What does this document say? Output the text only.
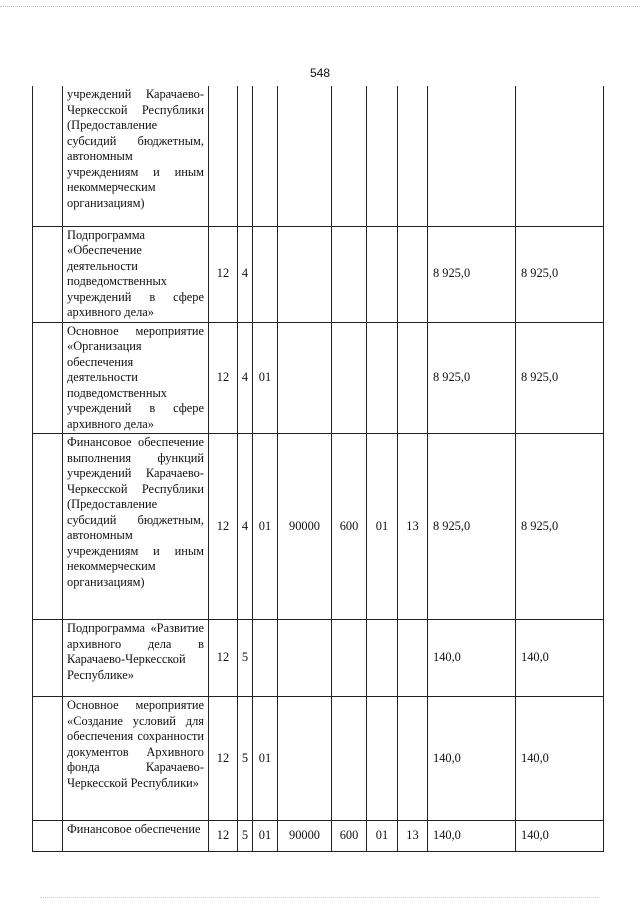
548
	учреждений Карачаево-Черкесской Республики (Предоставление субсидий бюджетным, автономным учреждениям и иным некоммерческим организациям)									
	Подпрограмма «Обеспечение деятельности подведомственных учреждений в сфере архивного дела»	12	4						8 925,0	8 925,0
	Основное мероприятие «Организация обеспечения деятельности подведомственных учреждений в сфере архивного дела»	12	4	01					8 925,0	8 925,0
	Финансовое обеспечение выполнения функций учреждений Карачаево-Черкесской Республики (Предоставление субсидий бюджетным, автономным учреждениям и иным некоммерческим организациям)	12	4	01	90000	600	01	13	8 925,0	8 925,0
	Подпрограмма «Развитие архивного дела в Карачаево-Черкесской Республике»	12	5						140,0	140,0
	Основное мероприятие «Создание условий для обеспечения сохранности документов Архивного фонда Карачаево-Черкесской Республики»	12	5	01					140,0	140,0
	Финансовое обеспечение	12	5	01	90000	600	01	13	140,0	140,0
